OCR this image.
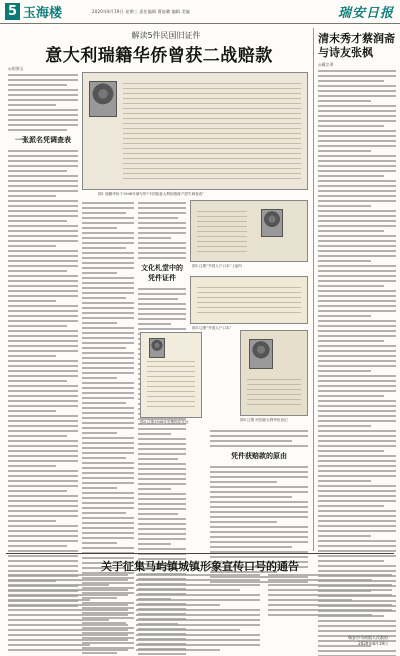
5 玉海楼	2020年8月19日 星期三 责任编辑 曹皎璐 编辑 美编	瑞安日报
解读5件民国旧证件
意大利瑞籍华侨曾获二战赔款
◎胡海宝
一张派名凭调查表
图1 瑞籍华侨于1946年填写的“中国留意大利侨胞财产损失调查表”
文化札堂中的凭件证件
图2 注册“外国人户口本”上编号
图3 注册“外国人户口本”
图4 注册1946年签署赔偿凭证	图5 注册 民国意大利华侨登记
凭件获赔款的原由
清末秀才蔡润斋与诗友张枫
◎戴宗勇
关于征集马屿镇城镇形象宣传口号的通告
瑞安市马屿镇人民政府
2020年8月19日
